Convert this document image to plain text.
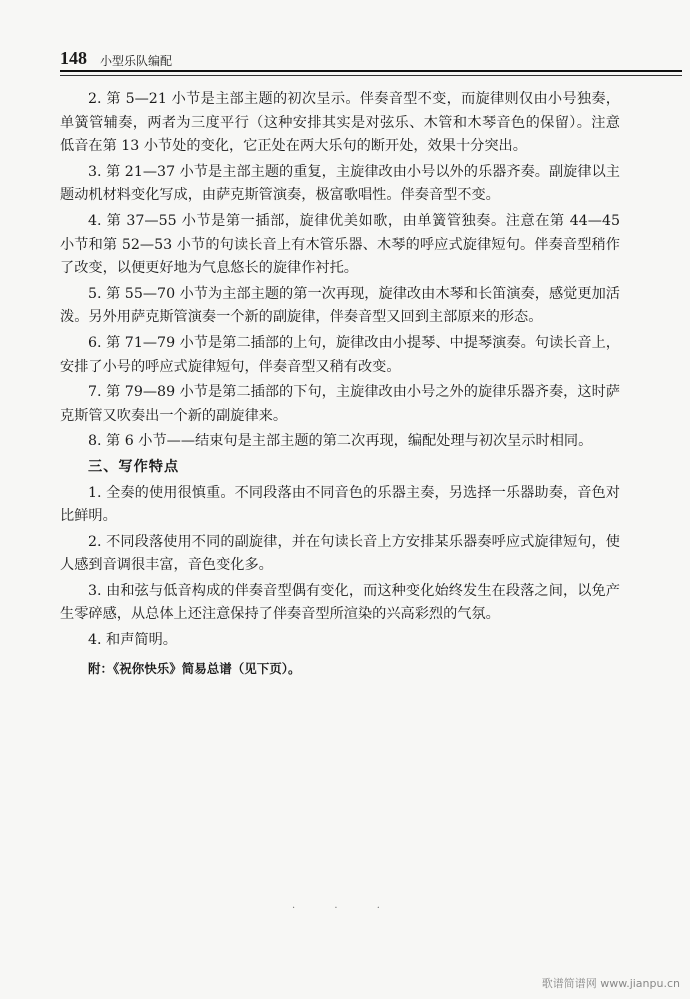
148 小型乐队编配

2. 第 5—21 小节是主部主题的初次呈示。伴奏音型不变，而旋律则仅由小号独奏，单簧管辅奏，两者为三度平行（这种安排其实是对弦乐、木管和木琴音色的保留）。注意低音在第 13 小节处的变化，它正处在两大乐句的断开处，效果十分突出。

3. 第 21—37 小节是主部主题的重复，主旋律改由小号以外的乐器齐奏。副旋律以主题动机材料变化写成，由萨克斯管演奏，极富歌唱性。伴奏音型不变。

4. 第 37—55 小节是第一插部，旋律优美如歌，由单簧管独奏。注意在第 44—45 小节和第 52—53 小节的句读长音上有木管乐器、木琴的呼应式旋律短句。伴奏音型稍作了改变，以便更好地为气息悠长的旋律作衬托。

5. 第 55—70 小节为主部主题的第一次再现，旋律改由木琴和长笛演奏，感觉更加活泼。另外用萨克斯管演奏一个新的副旋律，伴奏音型又回到主部原来的形态。

6. 第 71—79 小节是第二插部的上句，旋律改由小提琴、中提琴演奏。句读长音上，安排了小号的呼应式旋律短句，伴奏音型又稍有改变。

7. 第 79—89 小节是第二插部的下句，主旋律改由小号之外的旋律乐器齐奏，这时萨克斯管又吹奏出一个新的副旋律来。

8. 第 6 小节——结束句是主部主题的第二次再现，编配处理与初次呈示时相同。

三、写作特点

1. 全奏的使用很慎重。不同段落由不同音色的乐器主奏，另选择一乐器助奏，音色对比鲜明。

2. 不同段落使用不同的副旋律，并在句读长音上方安排某乐器奏呼应式旋律短句，使人感到音调很丰富，音色变化多。

3. 由和弦与低音构成的伴奏音型偶有变化，而这种变化始终发生在段落之间，以免产生零碎感，从总体上还注意保持了伴奏音型所渲染的兴高彩烈的气氛。

4. 和声简明。

附：《祝你快乐》简易总谱（见下页）。

· · ·
歌谱简谱网 www.jianpu.cn
